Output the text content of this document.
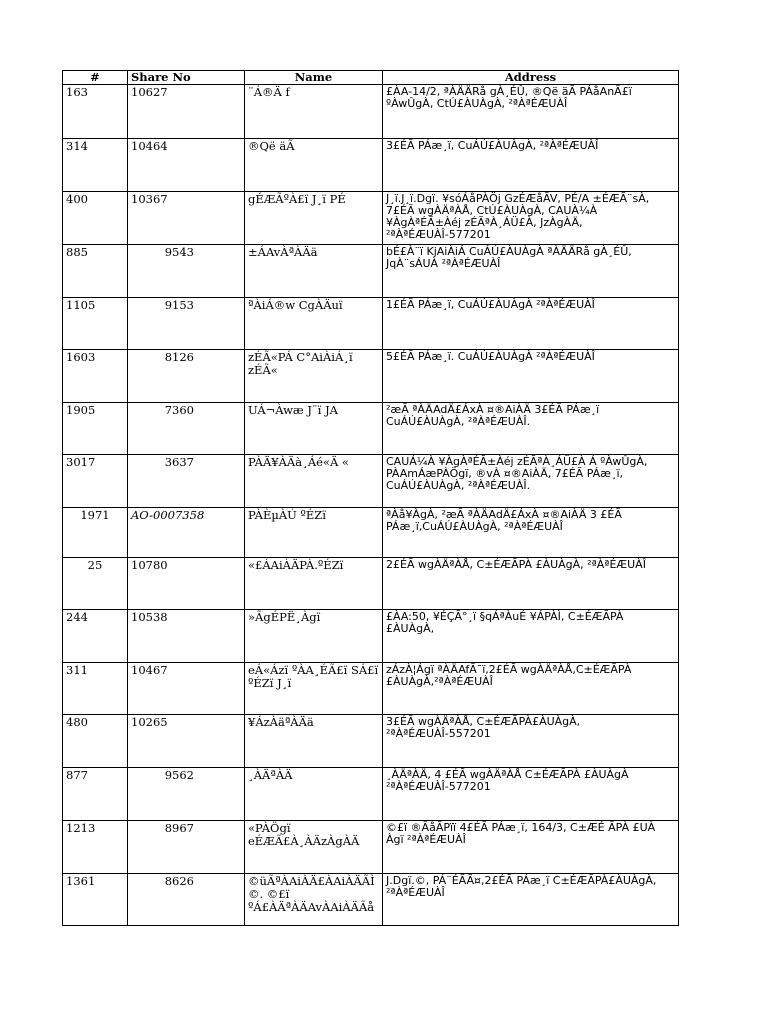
#	Share No	Name	Address
163	10627	¨Á®Ä f	£ÀA-14/2, ªÀÄÄRå gÀ¸ÉÛ, ®Që äÃ PÁåAnÃ£ï ºÀwÛgÀ, CtÚ£ÀUÀgÀ, ²ªÀªÉÆUÀÎ
314	10464	®Që äÃ	3£ÉÃ PÁæ¸ï, CuÁÚ£ÀUÀgÀ, ²ªÀªÉÆUÀÎ
400	10367	gÉÆÃºÀ£ï J¸ï PÉ	J¸ï.J¸ï.Dgï. ¥sóÁåPÀÖj GzÉÆåÃV, PÉ/A ±ÉÆÃ¨sÀ, 7£ÉÃ wgÀÄªÀÅ, CtÚ£ÀUÀgÀ, CAUÀ¼À ¥ÀgÀªÉÃ±Àéj zÉÃªÀ¸ÁÜ£À, JzÀgÀÄ, ²ªÀªÉÆUÀÎ-577201
885	9543	±ÁAvÀªÀÄä	bÉ£À¨ï KjAiÀiÁ CuÁÚ£ÀUÀgÀ ªÀÄÄRå gÀ¸ÉÛ, JqÀ¨sÁUÀ ²ªÀªÉÆUÀÎ
1105	9153	ªÀiÁ®w CgÀÄuï	1£ÉÃ PÁæ¸ï, CuÁÚ£ÀUÀgÀ ²ªÀªÉÆUÀÎ
1603	8126	zÉÃ«PÁ C°AiÀiÁ¸ï zÉÃ«	5£ÉÃ PÁæ¸ï. CuÁÚ£ÀUÀgÀ ²ªÀªÉÆUÀÎ
1905	7360	UÁ¬Àwæ J¨ï JA	²æÃ ªÀÄAdÄ£ÁxÀ ¤®AiÀÄ 3£ÉÃ PÁæ¸ï CuÁÚ£ÀUÀgÀ, ²ªÀªÉÆUÀÎ.
3017	3637	PÀÄ¥ÀÄà¸Áé«Ä «	CAUÁ¼À ¥ÀgÀªÉÃ±Àéj zÉÃªÀ¸ÁÜ£À Á ºÀwÛgÀ, PÀAmÁæPÀÖgï, ®vÀ ¤®AiÀÄ, 7£ÉÃ PÁæ¸ï, CuÁÚ£ÀUÀgÀ, ²ªÀªÉÆUÀÎ.
1971	AO-0007358	PÀÈµÀÚ ºÉZï	ªÀå¥ÀgÀ, ²æÃ ªÀÄAdÄ£ÁxÀ ¤®AiÀÄ 3 £ÉÃ PÁæ¸ï,CuÁÚ£ÀUÀgÀ, ²ªÀªÉÆUÀÎ
25	10780	«£ÁAiÀÄPÀ.ºÉZï	2£ÉÃ wgÀÄªÀÅ, C±ÉÆÃPÀ £ÀUÀgÀ, ²ªÀªÉÆUÀÎ
244	10538	»ÃgÉPË¸Àgï	£ÀA:50, ¥ÉÇÃ°¸ï §qÁªÀuÉ ¥ÁPÀÌ, C±ÉÆÃPÀ £ÀUÀgÀ,
311	10467	eÁ«Ázï ºÀA¸ÉÃ£ï SÁ£ï ºÉZï J¸ï	zÁzÀ¦Ágï ªÀÄAfÃ¯ï,2£ÉÃ wgÀÄªÀÅ,C±ÉÆÃPÀ £ÀUÀgÀ,²ªÀªÉÆUÀÎ
480	10265	¥ÁzÀäªÀÄä	3£ÉÃ wgÀÄªÀÅ, C±ÉÆÃPÀ£ÀUÀgÀ, ²ªÀªÉÆUÀÎ-557201
877	9562	¸ÀÄªÀÄ	¸ÀÄªÀÄ, 4 £ÉÃ wgÀÄªÀÅ C±ÉÆÃPÀ £ÀUÀgÀ ²ªÀªÉÆUÀÎ-577201
1213	8967	«PÀÖgï eÉÆÃ£À¸ÀÄzÀgÀÄ	©£ï ®ÃåÃPïï 4£ÉÃ PÁæ¸ï, 164/3, C±ÆÉ ÃPÀ £UÀ Àgï ²ªÀªÉÆUÀÎ
1361	8626	©üÃªÀAiÀÄ£ÀAiÀÄÃÌ ©. ©£ï ºÁ£ÀÄªÀÄAvÀAiÀÄÃå	J.Dgï.©, PÁ¨ÉÃÃ¤,2£ÉÃ PÁæ¸ï C±ÉÆÃPÀ£ÀUÀgÀ, ²ªÀªÉÆUÀÎ
